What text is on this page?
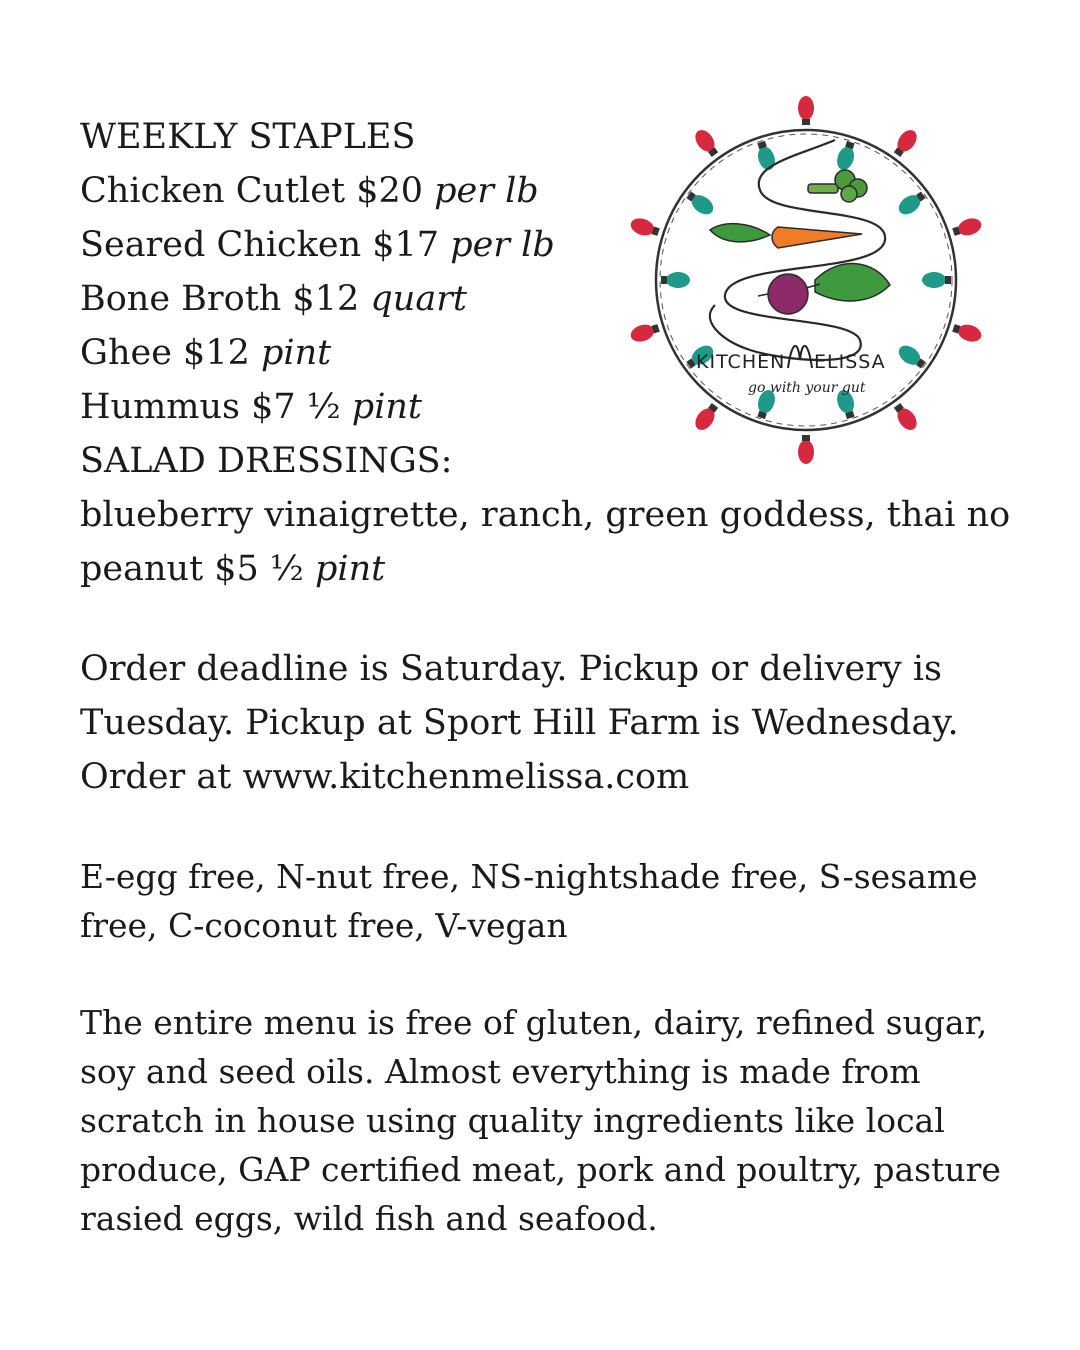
WEEKLY STAPLES
Chicken Cutlet $20 per lb
Seared Chicken $17 per lb
Bone Broth $12 quart
Ghee $12 pint
Hummus $7 ½ pint
SALAD DRESSINGS:
blueberry vinaigrette, ranch, green goddess, thai no peanut $5 ½ pint
Order deadline is Saturday. Pickup or delivery is
Tuesday. Pickup at Sport Hill Farm is Wednesday.
Order at www.kitchenmelissa.com
E-egg free, N-nut free, NS-nightshade free, S-sesame free, C-coconut free, V-vegan
The entire menu is free of gluten, dairy, refined sugar,
soy and seed oils. Almost everything is made from
scratch in house using quality ingredients like local
produce, GAP certified meat, pork and poultry, pasture
rasied eggs, wild fish and seafood.
KITCHEN ELISSA
go with your gut
